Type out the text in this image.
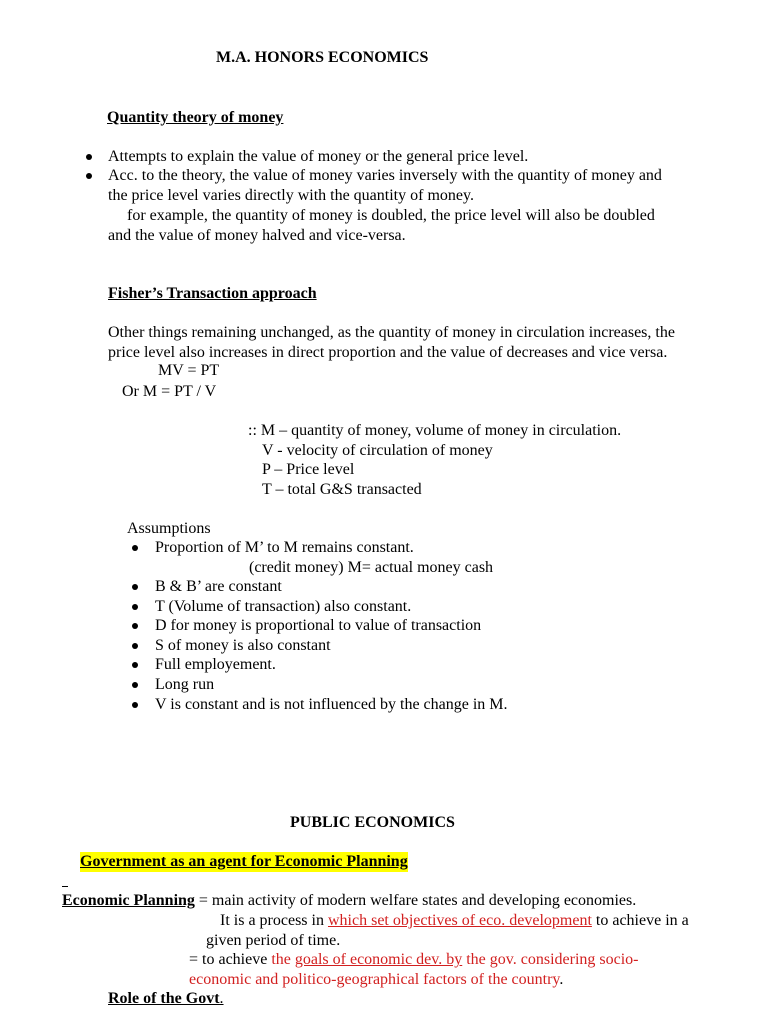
M.A. HONORS ECONOMICS
Quantity theory of money
Attempts to explain the value of money or the general price level.
Acc. to the theory, the value of money varies inversely with the quantity of money and
the price level varies directly with the quantity of money.
for example, the quantity of money is doubled, the price level will also be doubled
and the value of money halved and vice-versa.
Fisher’s Transaction approach
Other things remaining unchanged, as the quantity of money in circulation increases, the
price level also increases in direct proportion and the value of decreases and vice versa.
MV = PT
Or M = PT / V
:: M – quantity of money, volume of money in circulation.
V - velocity of circulation of money
P – Price level
T – total G&S transacted
Assumptions
Proportion of M’ to M remains constant.
(credit money) M= actual money cash
B & B’ are constant
T (Volume of transaction) also constant.
D for money is proportional to value of transaction
S of money is also constant
Full employement.
Long run
V is constant and is not influenced by the change in M.
PUBLIC ECONOMICS
Government as an agent for Economic Planning
Economic Planning = main activity of modern welfare states and developing economies.
It is a process in which set objectives of eco. development to achieve in a
given period of time.
= to achieve the goals of economic dev. by the gov. considering socio-
economic and politico-geographical factors of the country.
Role of the Govt.
